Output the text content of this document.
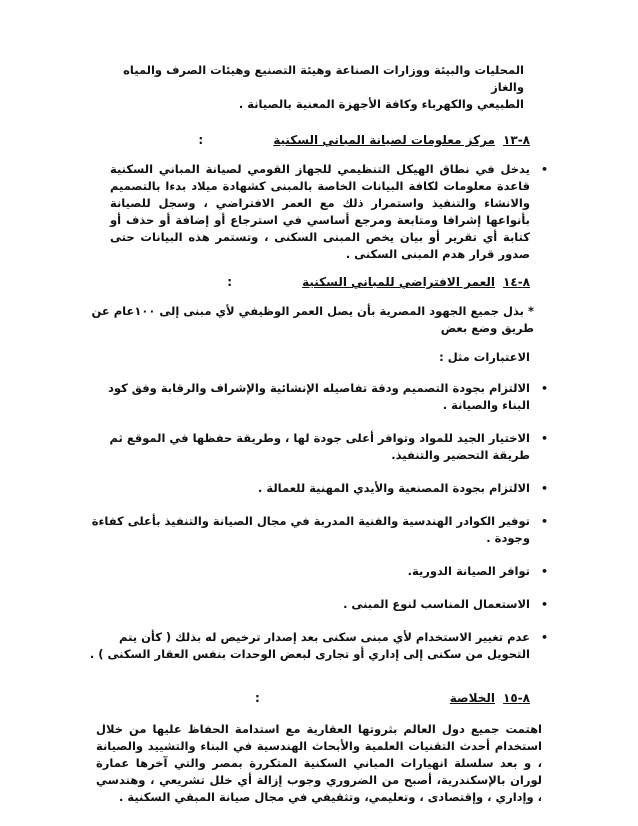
المحليات والبيئة ووزارات الصناعة وهيئة التصنيع وهيئات الصرف والمياه والغاز

الطبيعي والكهرباء وكافة الأجهزة المعنية بالصيانة .

٨-١٣مركز معلومات لصيانة المباني السكنية:

•

يدخل في نطاق الهيكل التنظيمي للجهاز القومي لصيانة المباني السكنية قاعدة معلومات لكافة البيانات الخاصة بالمبنى كشهادة ميلاد بدءا بالتصميم والانشاء والتنفيذ واستمرار ذلك مع العمر الافتراضي ، وسجل للصيانة بأنواعها إشرافا ومتابعة ومرجع أساسي في استرجاع أو إضافة أو حذف أو كتابة أي تقرير أو بيان يخص المبنى السكنى ، وتستمر هذه البيانات حتى صدور قرار هدم المبنى السكنى .

٨-١٤العمر الافتراضي للمباني السكنية:

* بذل جميع الجهود المصرية بأن يصل العمر الوظيفي لأي مبنى إلى ١٠٠عام عن طريق وضع بعض

الاعتبارات مثل :

•

الالتزام بجودة التصميم ودقة تفاصيله الإنشائية والإشراف والرقابة وفق كود البناء والصيانة .

•

الاختيار الجيد للمواد وتوافر أعلى جودة لها ، وطريقة حفظها في الموقع ثم طريقة التحضير والتنفيذ.

•

الالتزام بجودة المصنعية والأيدي المهنية للعمالة .

•

توفير الكوادر الهندسية والفنية المدربة في مجال الصيانة والتنفيذ بأعلى كفاءة وجودة .

•

توافر الصيانة الدورية.

•

الاستعمال المناسب لنوع المبنى .

•

عدم تغيير الاستخدام لأي مبنى سكنى بعد إصدار ترخيص له بذلك ( كأن يتم التحويل من سكنى إلى إداري أو تجارى لبعض الوحدات بنفس العقار السكنى ) .

٨-١٥الخلاصة:

اهتمت جميع دول العالم بثروتها العقارية مع استدامة الحفاظ عليها من خلال استخدام أحدث التقنيات العلمية والأبحاث الهندسية في البناء والتشييد والصيانة ، و بعد سلسلة انهيارات المباني السكنية المتكررة بمصر والتي آخرها عمارة لوران بالإسكندرية، أصبح من الضروري وجوب إزالة أي خلل تشريعي ، وهندسي ، وإداري ، وإقتصادى ، وتعليمي، وتثقيفي في مجال صيانة المبقي السكنية .
